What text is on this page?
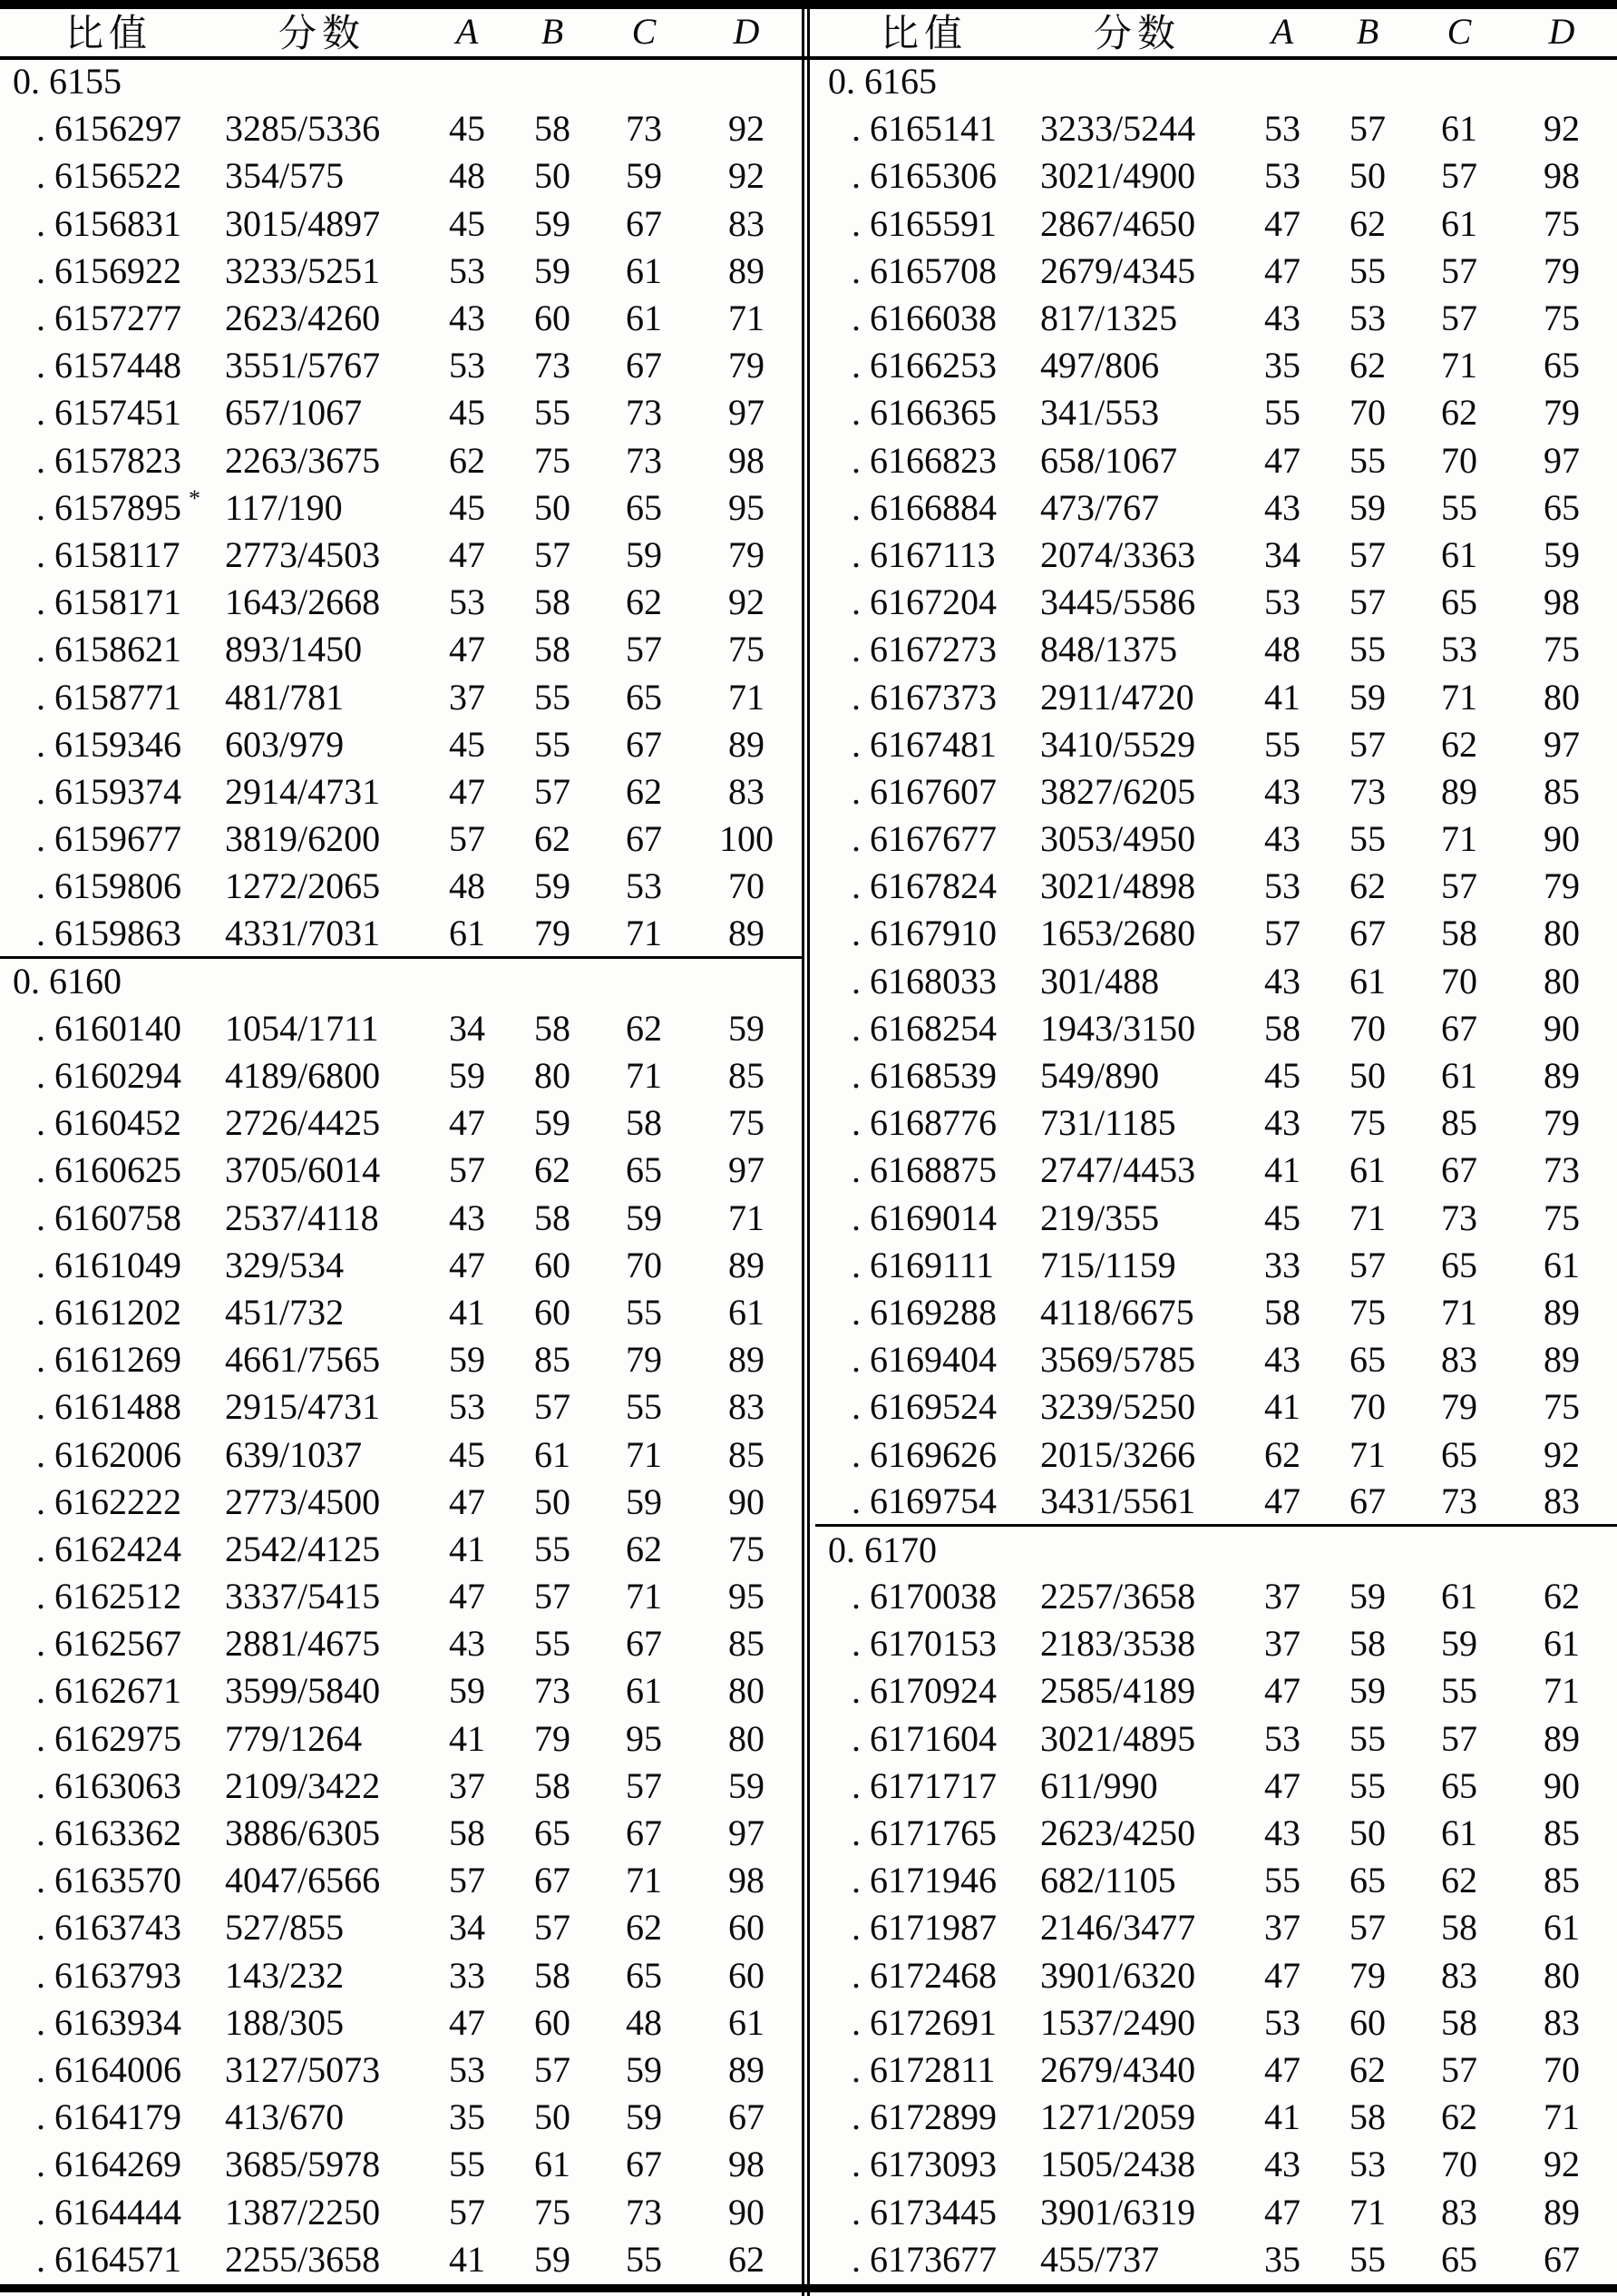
比值	分数	A	B	C	D
0. 6155					
. 6156297	3285/5336	45	58	73	92
. 6156522	354/575	48	50	59	92
. 6156831	3015/4897	45	59	67	83
. 6156922	3233/5251	53	59	61	89
. 6157277	2623/4260	43	60	61	71
. 6157448	3551/5767	53	73	67	79
. 6157451	657/1067	45	55	73	97
. 6157823	2263/3675	62	75	73	98
. 6157895 *	117/190	45	50	65	95
. 6158117	2773/4503	47	57	59	79
. 6158171	1643/2668	53	58	62	92
. 6158621	893/1450	47	58	57	75
. 6158771	481/781	37	55	65	71
. 6159346	603/979	45	55	67	89
. 6159374	2914/4731	47	57	62	83
. 6159677	3819/6200	57	62	67	100
. 6159806	1272/2065	48	59	53	70
. 6159863	4331/7031	61	79	71	89
0. 6160					
. 6160140	1054/1711	34	58	62	59
. 6160294	4189/6800	59	80	71	85
. 6160452	2726/4425	47	59	58	75
. 6160625	3705/6014	57	62	65	97
. 6160758	2537/4118	43	58	59	71
. 6161049	329/534	47	60	70	89
. 6161202	451/732	41	60	55	61
. 6161269	4661/7565	59	85	79	89
. 6161488	2915/4731	53	57	55	83
. 6162006	639/1037	45	61	71	85
. 6162222	2773/4500	47	50	59	90
. 6162424	2542/4125	41	55	62	75
. 6162512	3337/5415	47	57	71	95
. 6162567	2881/4675	43	55	67	85
. 6162671	3599/5840	59	73	61	80
. 6162975	779/1264	41	79	95	80
. 6163063	2109/3422	37	58	57	59
. 6163362	3886/6305	58	65	67	97
. 6163570	4047/6566	57	67	71	98
. 6163743	527/855	34	57	62	60
. 6163793	143/232	33	58	65	60
. 6163934	188/305	47	60	48	61
. 6164006	3127/5073	53	57	59	89
. 6164179	413/670	35	50	59	67
. 6164269	3685/5978	55	61	67	98
. 6164444	1387/2250	57	75	73	90
. 6164571	2255/3658	41	59	55	62
比值	分数	A	B	C	D
0. 6165					
. 6165141	3233/5244	53	57	61	92
. 6165306	3021/4900	53	50	57	98
. 6165591	2867/4650	47	62	61	75
. 6165708	2679/4345	47	55	57	79
. 6166038	817/1325	43	53	57	75
. 6166253	497/806	35	62	71	65
. 6166365	341/553	55	70	62	79
. 6166823	658/1067	47	55	70	97
. 6166884	473/767	43	59	55	65
. 6167113	2074/3363	34	57	61	59
. 6167204	3445/5586	53	57	65	98
. 6167273	848/1375	48	55	53	75
. 6167373	2911/4720	41	59	71	80
. 6167481	3410/5529	55	57	62	97
. 6167607	3827/6205	43	73	89	85
. 6167677	3053/4950	43	55	71	90
. 6167824	3021/4898	53	62	57	79
. 6167910	1653/2680	57	67	58	80
. 6168033	301/488	43	61	70	80
. 6168254	1943/3150	58	70	67	90
. 6168539	549/890	45	50	61	89
. 6168776	731/1185	43	75	85	79
. 6168875	2747/4453	41	61	67	73
. 6169014	219/355	45	71	73	75
. 6169111	715/1159	33	57	65	61
. 6169288	4118/6675	58	75	71	89
. 6169404	3569/5785	43	65	83	89
. 6169524	3239/5250	41	70	79	75
. 6169626	2015/3266	62	71	65	92
. 6169754	3431/5561	47	67	73	83
0. 6170					
. 6170038	2257/3658	37	59	61	62
. 6170153	2183/3538	37	58	59	61
. 6170924	2585/4189	47	59	55	71
. 6171604	3021/4895	53	55	57	89
. 6171717	611/990	47	55	65	90
. 6171765	2623/4250	43	50	61	85
. 6171946	682/1105	55	65	62	85
. 6171987	2146/3477	37	57	58	61
. 6172468	3901/6320	47	79	83	80
. 6172691	1537/2490	53	60	58	83
. 6172811	2679/4340	47	62	57	70
. 6172899	1271/2059	41	58	62	71
. 6173093	1505/2438	43	53	70	92
. 6173445	3901/6319	47	71	83	89
. 6173677	455/737	35	55	65	67
